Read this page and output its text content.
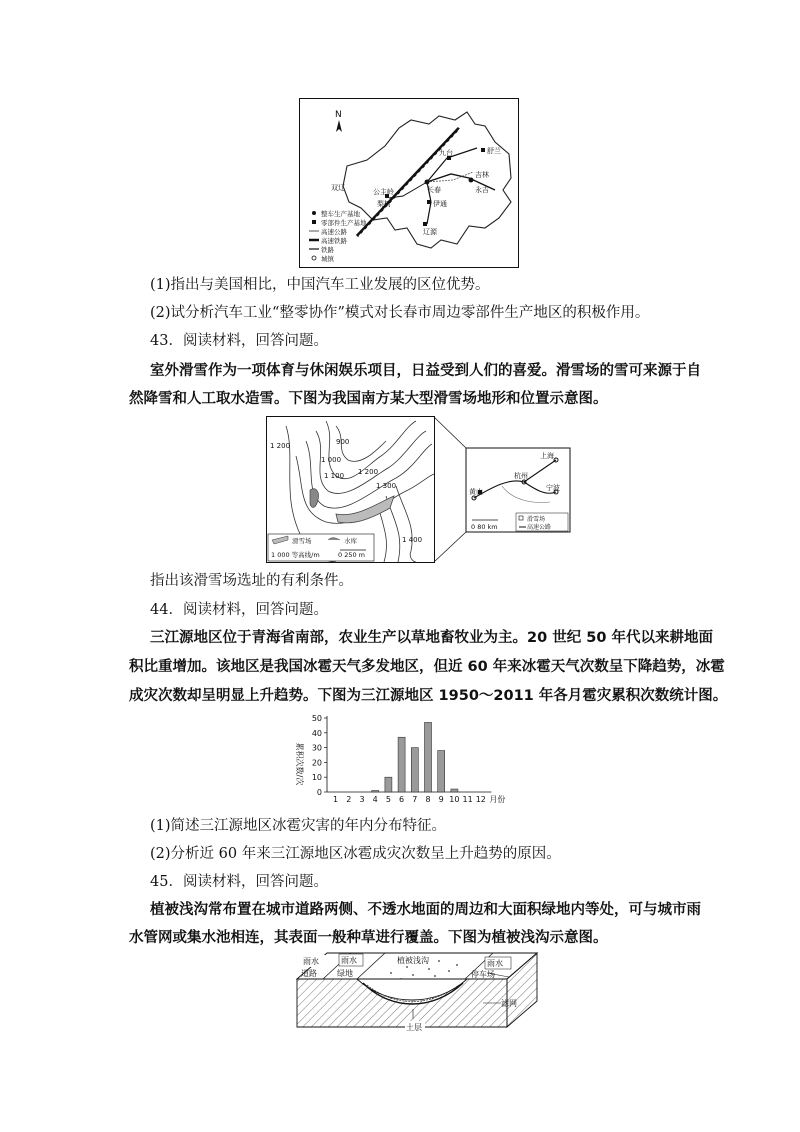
N
九台	舒兰
长春
吉林
永吉
双辽	公主岭
梨树	伊通
辽源
整车生产基地
零部件生产基地
高速公路
高速铁路
铁路
城镇
(1)指出与美国相比，中国汽车工业发展的区位优势。
(2)试分析汽车工业“整零协作”模式对长春市周边零部件生产地区的积极作用。
43．阅读材料，回答问题。
室外滑雪作为一项体育与休闲娱乐项目，日益受到人们的喜爱。滑雪场的雪可来源于自
然降雪和人工取水造雪。下图为我国南方某大型滑雪场地形和位置示意图。
1 200	900
1 000
1 100 1 200
1 300
1 400
滑雪场	水库
1 000 等高线/m	0 250 m
上海
杭州
宁波
黄山
0 80 km
滑雪场
高速公路
指出该滑雪场选址的有利条件。
44．阅读材料，回答问题。
三江源地区位于青海省南部，农业生产以草地畜牧业为主。20 世纪 50 年代以来耕地面
积比重增加。该地区是我国冰雹天气多发地区，但近 60 年来冰雹天气次数呈下降趋势，冰雹
成灾次数却呈明显上升趋势。下图为三江源地区 1950～2011 年各月雹灾累积次数统计图。
累积次数/次
0
10
20
30
40
50
1 2 3 4 5 6 7 8 9 10 11 12 月份
(1)简述三江源地区冰雹灾害的年内分布特征。
(2)分析近 60 年来三江源地区冰雹成灾次数呈上升趋势的原因。
45．阅读材料，回答问题。
植被浅沟常布置在城市道路两侧、不透水地面的周边和大面积绿地内等处，可与城市雨
水管网或集水池相连，其表面一般种草进行覆盖。下图为植被浅沟示意图。
雨水
道路
雨水
绿地
植被浅沟	雨水
停车场
滤网
土层
